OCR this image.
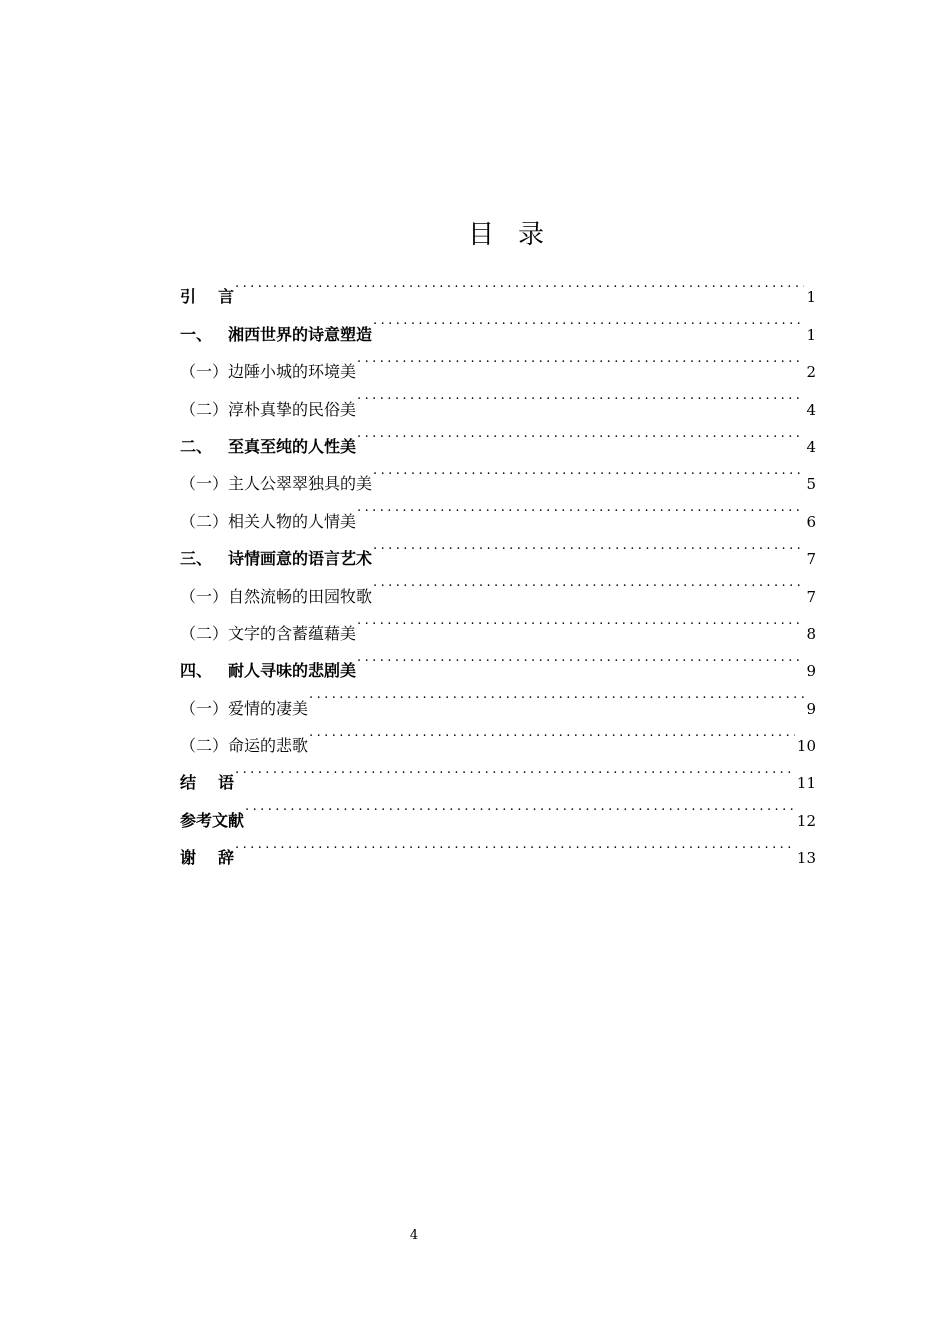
目 录
引 言 . . .	1
一、 湘西世界的诗意塑造 . . .	1
（一）边陲小城的环境美 . . .	2
（二）淳朴真挚的民俗美 . . .	4
二、 至真至纯的人性美 . . .	4
（一）主人公翠翠独具的美 . . .	5
（二）相关人物的人情美 . . .	6
三、 诗情画意的语言艺术 . . .	7
（一）自然流畅的田园牧歌 . . .	7
（二）文字的含蓄蕴藉美 . . .	8
四、 耐人寻味的悲剧美 . . .	9
（一）爱情的凄美 . . .	9
（二）命运的悲歌 . . .	10
结 语 . . .	11
参考文献 . . .	12
谢 辞 . . .	13
4
